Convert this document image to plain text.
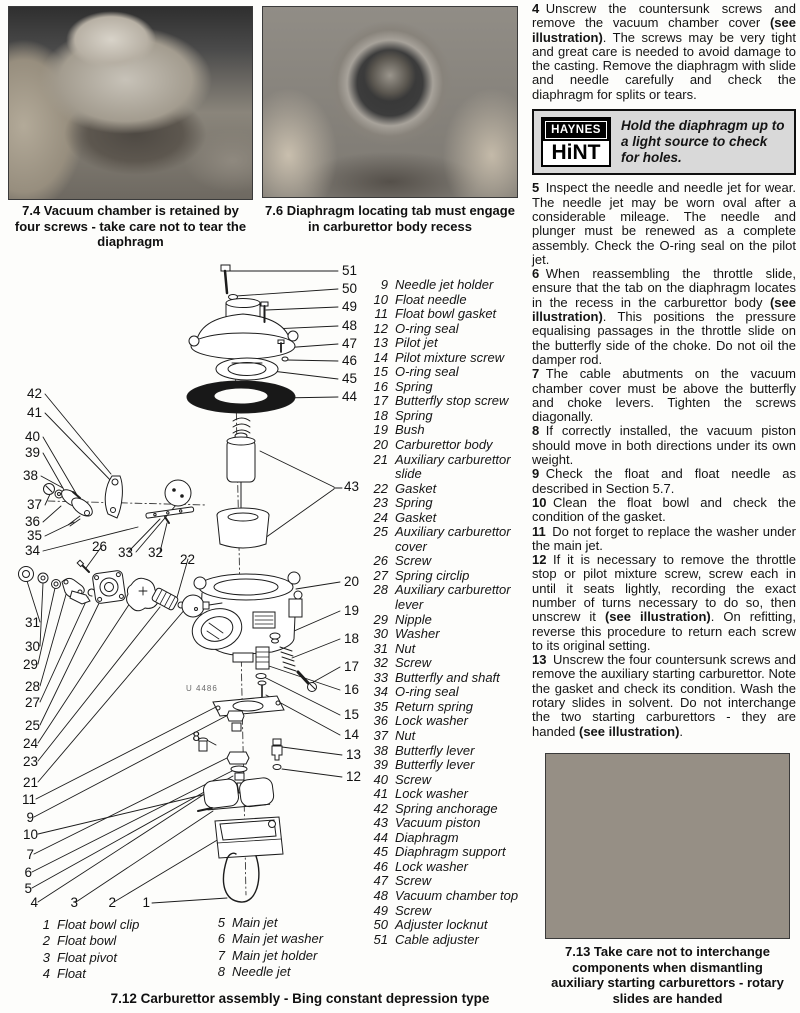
7.4 Vacuum chamber is retained by four screws - take care not to tear the diaphragm
7.6 Diaphragm locating tab must engage in carburettor body recess

4 Unscrew the countersunk screws and remove the vacuum chamber cover (see illustration). The screws may be very tight and great care is needed to avoid damage to the casting. Remove the diaphragm with slide and needle carefully and check the diaphragm for splits or tears.

HAYNES
HiNT
Hold the diaphragm up to a light source to check for holes.

5 Inspect the needle and needle jet for wear. The needle jet may be worn oval after a considerable mileage. The needle and plunger must be renewed as a complete assembly. Check the O-ring seal on the pilot jet.

6 When reassembling the throttle slide, ensure that the tab on the diaphragm locates in the recess in the carburettor body (see illustration). This positions the pressure equalising passages in the throttle slide on the butterfly side of the choke. Do not oil the damper rod.

7 The cable abutments on the vacuum chamber cover must be above the butterfly and choke levers. Tighten the screws diagonally.

8 If correctly installed, the vacuum piston should move in both directions under its own weight.

9 Check the float and float needle as described in Section 5.7.

10 Clean the float bowl and check the condition of the gasket.

11 Do not forget to replace the washer under the main jet.

12 If it is necessary to remove the throttle stop or pilot mixture screw, screw each in until it seats lightly, recording the exact number of turns necessary to do so, then unscrew it (see illustration). On refitting, reverse this procedure to return each screw to its original setting.

13 Unscrew the four countersunk screws and remove the auxiliary starting carburettor. Note the gasket and check its condition. Wash the rotary slides in solvent. Do not interchange the two starting carburettors - they are handed (see illustration).

51
50
49
48
47
46
45
44
43
20
19
18
17
16
15
14
13
12
42
41
40
39
38
37
36
35
34	26 33 32 22
8
31
30
29
28
27
25
24
23
21
11
9
10
7
6
5
4 3 2 1
U 4486
9 Needle jet holder
10 Float needle
11 Float bowl gasket
12 O-ring seal
13 Pilot jet
14 Pilot mixture screw
15 O-ring seal
16 Spring
17 Butterfly stop screw
18 Spring
19 Bush
20 Carburettor body
21 Auxiliary carburettor slide
22 Gasket
23 Spring
24 Gasket
25 Auxiliary carburettor cover
26 Screw
27 Spring circlip
28 Auxiliary carburettor lever
29 Nipple
30 Washer
31 Nut
32 Screw
33 Butterfly and shaft
34 O-ring seal
35 Return spring
36 Lock washer
37 Nut
38 Butterfly lever
39 Butterfly lever
40 Screw
41 Lock washer
42 Spring anchorage
43 Vacuum piston
44 Diaphragm
45 Diaphragm support
46 Lock washer
47 Screw
48 Vacuum chamber top
49 Screw
50 Adjuster locknut
51 Cable adjuster
1 Float bowl clip
2 Float bowl
3 Float pivot
4 Float
5 Main jet
6 Main jet washer
7 Main jet holder
8 Needle jet
7.12 Carburettor assembly - Bing constant depression type
7.13 Take care not to interchange components when dismantling auxiliary starting carburettors - rotary slides are handed
